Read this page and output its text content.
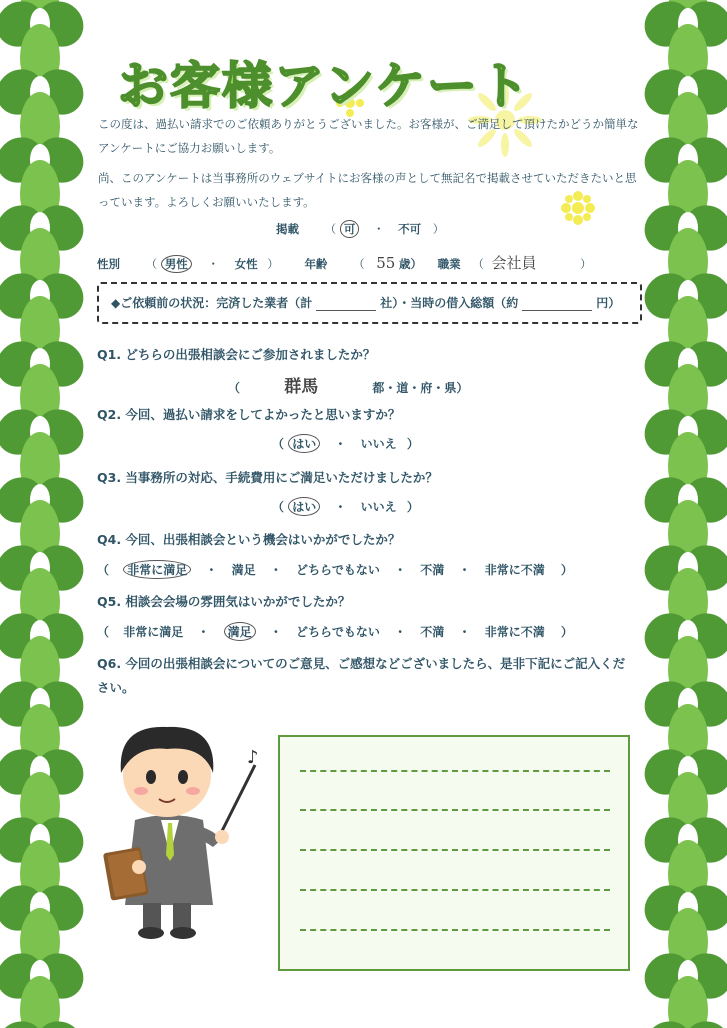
お客様アンケート
この度は、過払い請求でのご依頼ありがとうございました。お客様が、ご満足して頂けたかどうか簡単なアンケートにご協力お願いします。
尚、このアンケートは当事務所のウェブサイトにお客様の声として無記名で掲載させていただきたいと思っています。よろしくお願いいたします。
掲載 （ 可 ・ 不可 ）
性別 （ 男性 ・ 女性 ） 年齢 （ 55 歳） 職業 （ 会社員	）
◆ご依頼前の状況：完済した業者（計	社）・当時の借入総額（約	円）
Q1. どちらの出張相談会にご参加されましたか？
（	群馬	都・道・府・県）
Q2. 今回、過払い請求をしてよかったと思いますか？
（ はい ・ いいえ ）
Q3. 当事務所の対応、手続費用にご満足いただけましたか？
（ はい ・ いいえ ）
Q4. 今回、出張相談会という機会はいかがでしたか？
（ 非常に満足 ・ 満足 ・ どちらでもない ・ 不満 ・ 非常に不満 ）
Q5. 相談会会場の雰囲気はいかがでしたか？
（ 非常に満足 ・ 満足 ・ どちらでもない ・ 不満 ・ 非常に不満 ）
Q6. 今回の出張相談会についてのご意見、ご感想などございましたら、是非下記にご記入ください。
♪
